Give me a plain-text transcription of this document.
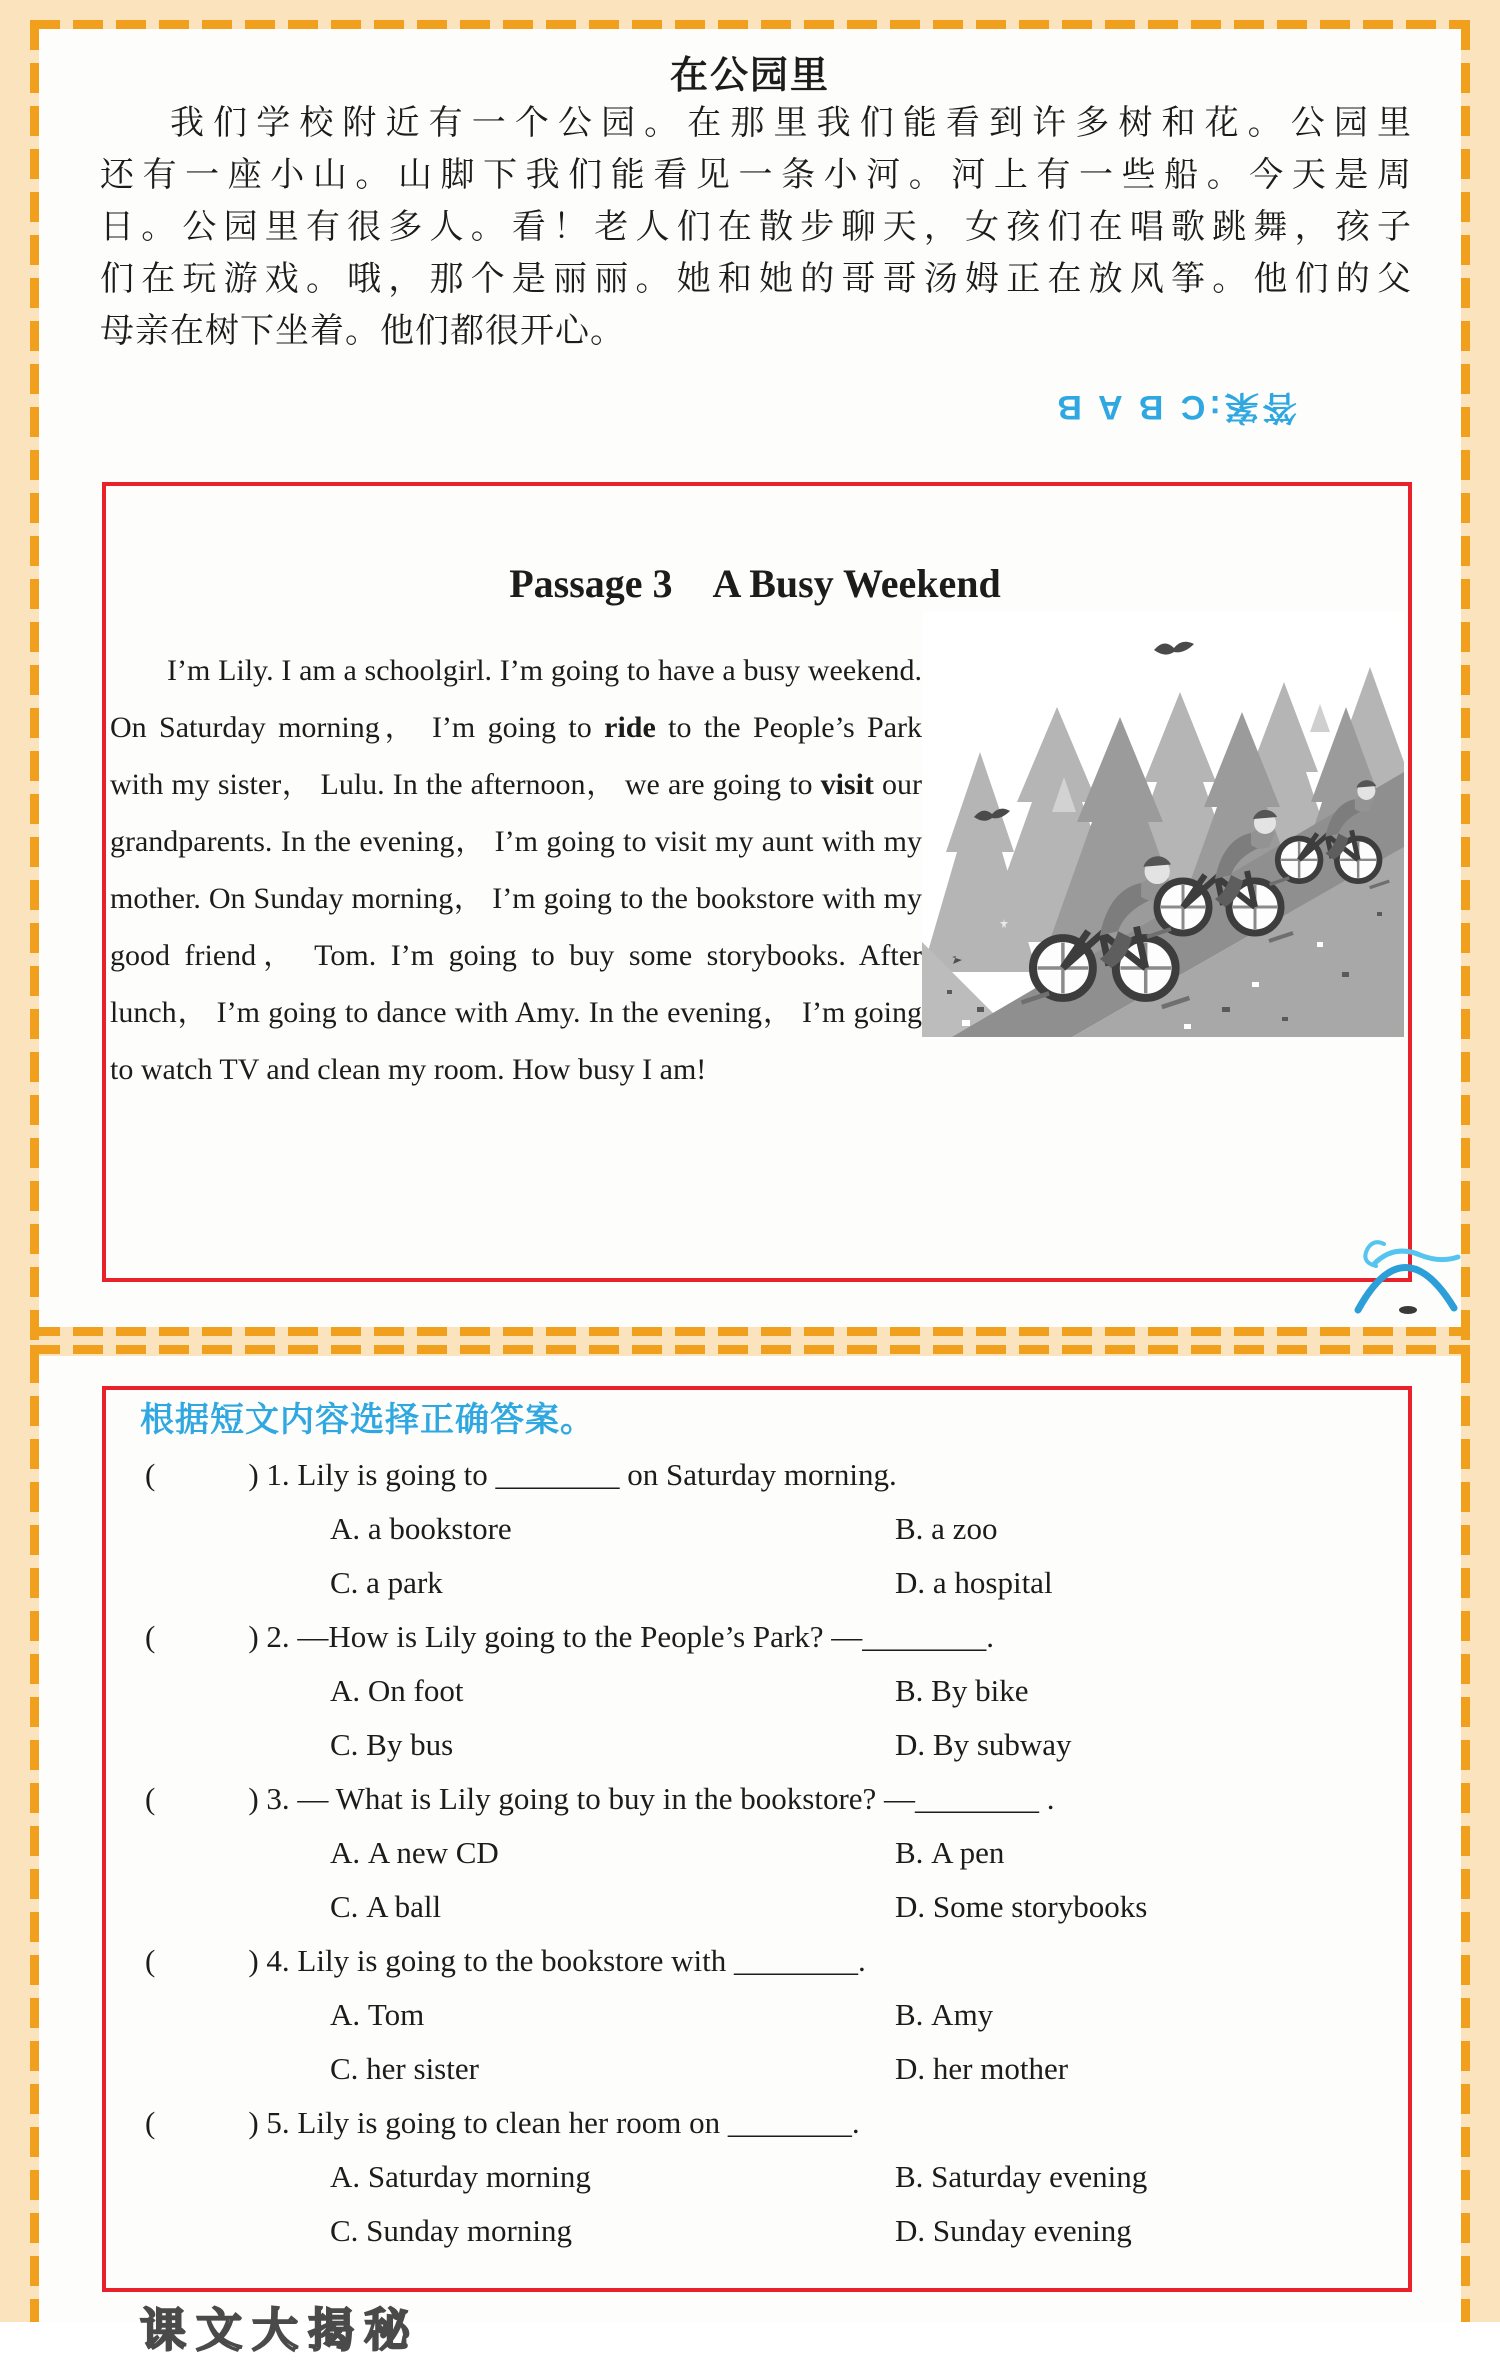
在公园里
我们学校附近有一个公园。在那里我们能看到许多树和花。公园里
还有一座小山。山脚下我们能看见一条小河。河上有一些船。今天是周
日。公园里有很多人。看！老人们在散步聊天，女孩们在唱歌跳舞，孩子
们在玩游戏。哦，那个是丽丽。她和她的哥哥汤姆正在放风筝。他们的父
母亲在树下坐着。他们都很开心。
答案:C B A B
Passage 3　A Busy Weekend
I’m Lily. I am a schoolgirl. I’m going to have a busy weekend. On Saturday morning， I’m going to ride to the People’s Park with my sister， Lulu. In the afternoon， we are going to visit our grandparents. In the evening， I’m going to visit my aunt with my mother. On Sunday morning， I’m going to the bookstore with my good friend， Tom. I’m going to buy some storybooks. After lunch， I’m going to dance with Amy. In the evening， I’m going to watch TV and clean my room. How busy I am!
根据短文内容选择正确答案。
(            ) 1. Lily is going to ________ on Saturday morning.
A. a bookstore	B. a zoo
C. a park	D. a hospital
(            ) 2. —How is Lily going to the People’s Park? —________.
A. On foot	B. By bike
C. By bus	D. By subway
(            ) 3. — What is Lily going to buy in the bookstore? —________ .
A. A new CD	B. A pen
C. A ball	D. Some storybooks
(            ) 4. Lily is going to the bookstore with ________.
A. Tom	B. Amy
C. her sister	D. her mother
(            ) 5. Lily is going to clean her room on ________.
A. Saturday morning	B. Saturday evening
C. Sunday morning	D. Sunday evening
课文大揭秘
